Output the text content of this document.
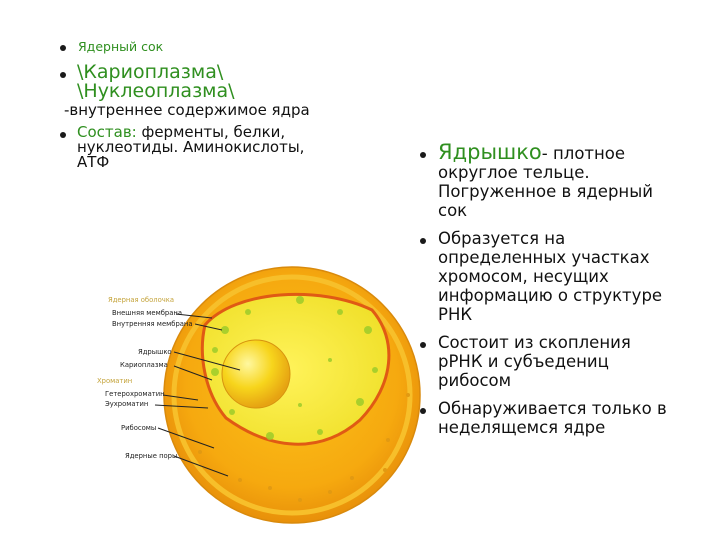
Ядерный сок
\Кариоплазма\
\Нуклеоплазма\
-внутреннее содержимое ядра
Состав: ферменты, белки,
нуклеотиды. Аминокислоты,
АТФ
Ядерная оболочка
Внешняя мембрана
Внутренняя мембрана
Ядрышко
Кариоплазма
Хроматин
Гетерохроматин
Эухроматин
Рибосомы
Ядерные поры
Ядрышко- плотное
округлое тельце.
Погруженное в ядерный
сок
Образуется на
определенных участках
хромосом, несущих
информацию о структуре
РНК
Состоит из скопления
рРНК и субъедениц
рибосом
Обнаруживается только в
неделящемся ядре
